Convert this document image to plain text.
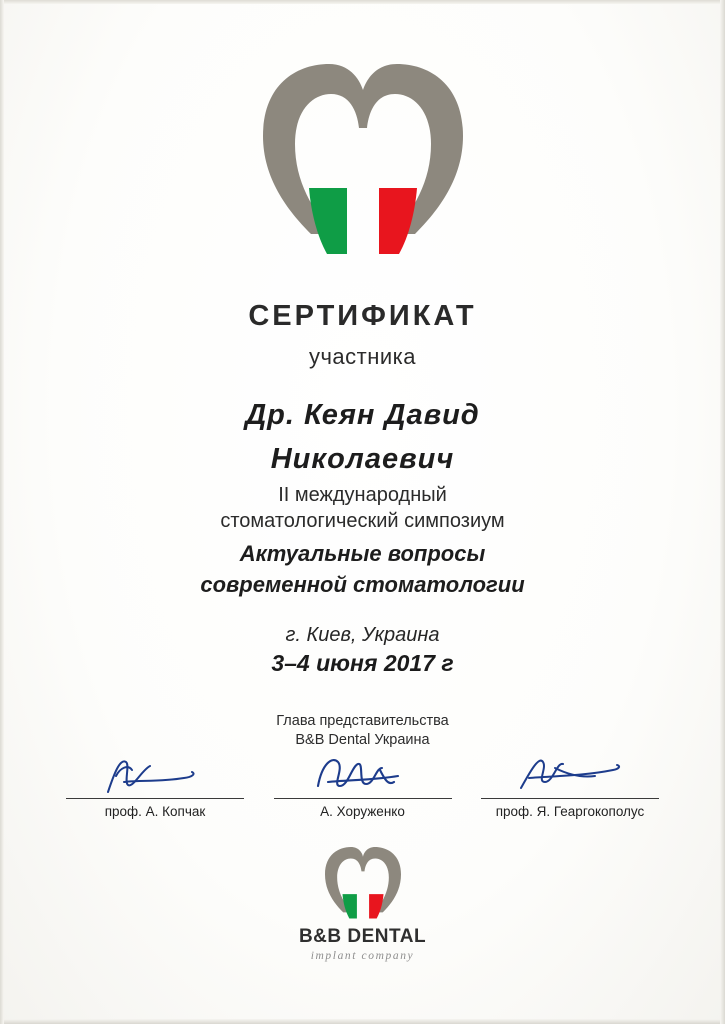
СЕРТИФИКАТ
участника
Др. Кеян Давид
Николаевич
II международный
стоматологический симпозиум
Актуальные вопросы
современной стоматологии
г. Киев, Украина
3–4 июня 2017 г
Глава представительства
B&B Dental Украина
проф. А. Копчак	А. Хоруженко	проф. Я. Геаргокополус
B&B DENTAL
implant company
